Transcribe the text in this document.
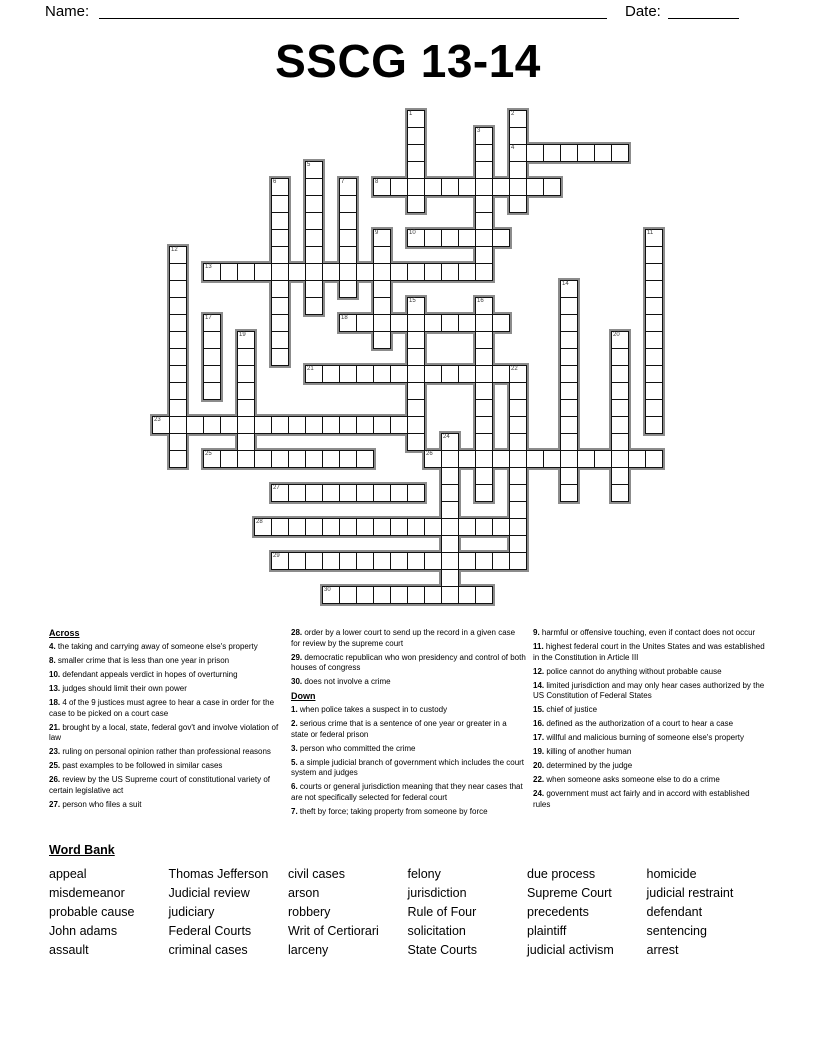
Name:	Date:
SSCG 13-14
1	2
4
3
5
6	7	8
9	10	11
12
13
14
15	16
17	18
19	20
21	22
23
24
25	26
27
28
29
30
Across
4. the taking and carrying away of someone else's property
8. smaller crime that is less than one year in prison
10. defendant appeals verdict in hopes of overturning
13. judges should limit their own power
18. 4 of the 9 justices must agree to hear a case in order for the case to be picked on a court case
21. brought by a local, state, federal gov't and involve violation of law
23. ruling on personal opinion rather than professional reasons
25. past examples to be followed in similar cases
26. review by the US Supreme court of constitutional variety of certain legislative act
27. person who files a suit
28. order by a lower court to send up the record in a given case for review by the supreme court
29. democratic republican who won presidency and control of both houses of congress
30. does not involve a crime
Down
1. when police takes a suspect in to custody
2. serious crime that is a sentence of one year or greater in a state or federal prison
3. person who committed the crime
5. a simple judicial branch of government which includes the court system and judges
6. courts or general jurisdiction meaning that they near cases that are not specifically selected for federal court
7. theft by force; taking property from someone by force
9. harmful or offensive touching, even if contact does not occur
11. highest federal court in the Unites States and was established in the Constitution in Article III
12. police cannot do anything without probable cause
14. limited jurisdiction and may only hear cases authorized by the US Constitution of Federal States
15. chief of justice
16. defined as the authorization of a court to hear a case
17. willful and malicious burning of someone else's property
19. killing of another human
20. determined by the judge
22. when someone asks someone else to do a crime
24. government must act fairly and in accord with established rules
Word Bank
appeal
misdemeanor
probable cause
John adams
assault
Thomas Jefferson
Judicial review
judiciary
Federal Courts
criminal cases
civil cases
arson
robbery
Writ of Certiorari
larceny
felony
jurisdiction
Rule of Four
solicitation
State Courts
due process
Supreme Court
precedents
plaintiff
judicial activism
homicide
judicial restraint
defendant
sentencing
arrest
